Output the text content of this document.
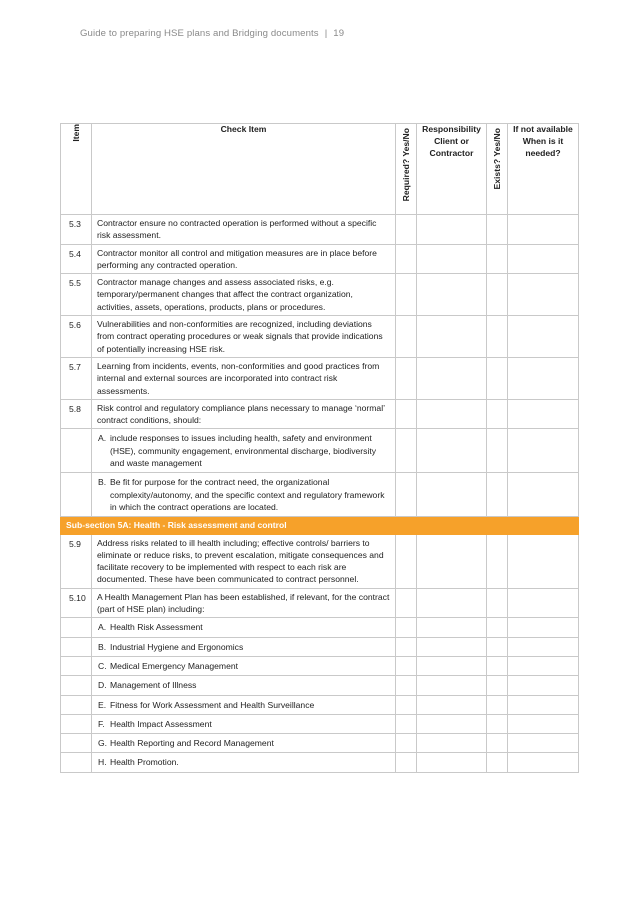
Guide to preparing HSE plans and Bridging documents | 19
Item	Check Item	Required? Yes/No	Responsibility Client or Contractor	Exists? Yes/No	If not available When is it needed?
5.3	Contractor ensure no contracted operation is performed without a specific risk assessment.				
5.4	Contractor monitor all control and mitigation measures are in place before performing any contracted operation.				
5.5	Contractor manage changes and assess associated risks, e.g. temporary/permanent changes that affect the contract organization, activities, assets, operations, products, plans or procedures.				
5.6	Vulnerabilities and non-conformities are recognized, including deviations from contract operating procedures or weak signals that provide indications of potentially increasing HSE risk.				
5.7	Learning from incidents, events, non-conformities and good practices from internal and external sources are incorporated into contract risk assessments.				
5.8	Risk control and regulatory compliance plans necessary to manage ‘normal’ contract conditions, should:				
	A. include responses to issues including health, safety and environment (HSE), community engagement, environmental discharge, biodiversity and waste management				
	B. Be fit for purpose for the contract need, the organizational complexity/autonomy, and the specific context and regulatory framework in which the contract operations are located.				
Sub-section 5A: Health - Risk assessment and control					
5.9	Address risks related to ill health including; effective controls/ barriers to eliminate or reduce risks, to prevent escalation, mitigate consequences and facilitate recovery to be implemented with respect to each risk are documented. These have been communicated to contract personnel.				
5.10	A Health Management Plan has been established, if relevant, for the contract (part of HSE plan) including:				
	A. Health Risk Assessment				
	B. Industrial Hygiene and Ergonomics				
	C. Medical Emergency Management				
	D. Management of Illness				
	E. Fitness for Work Assessment and Health Surveillance				
	F. Health Impact Assessment				
	G. Health Reporting and Record Management				
	H. Health Promotion.				
